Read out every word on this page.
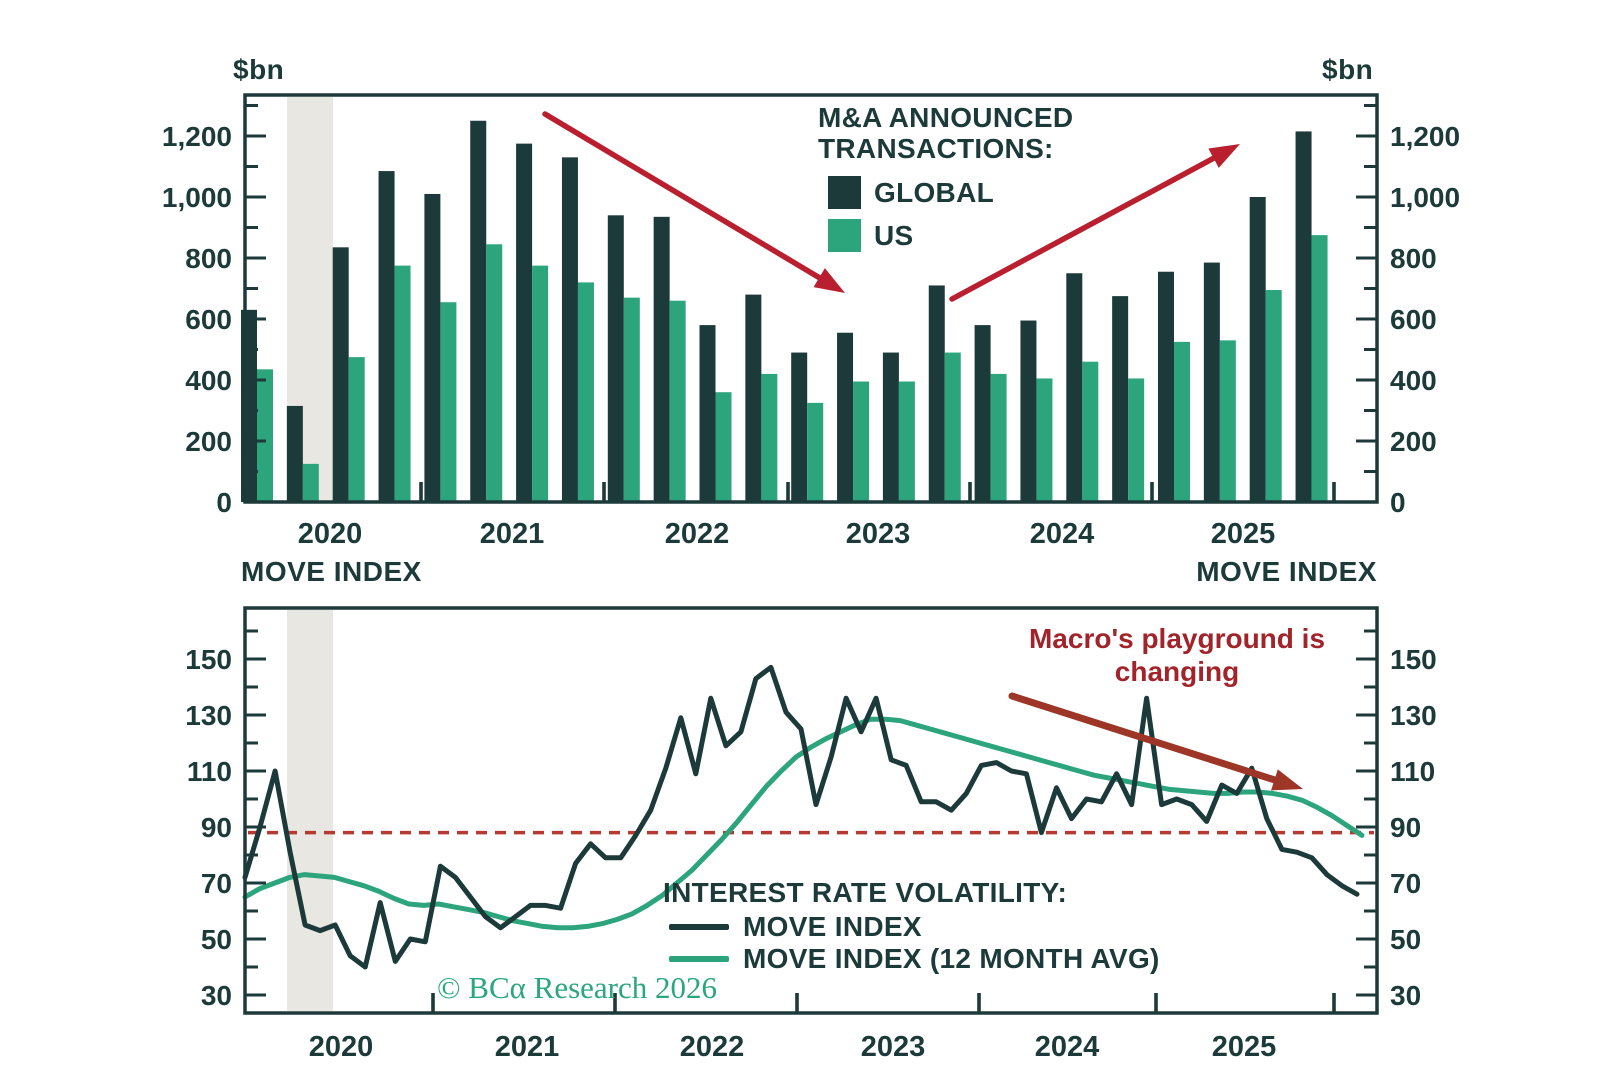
0	0
200	200
400	400
600	600
800	800
1,000	1,000
1,200	1,200
2020	2021	2022	2023	2024	2025
30	30
50	50
70	70
90	90
110	110
130	130
150	150
2020	2021	2022	2023	2024	2025
$bn	$bn
M&A ANNOUNCED
TRANSACTIONS:
GLOBAL
US
MOVE INDEX	MOVE INDEX
INTEREST RATE VOLATILITY:
MOVE INDEX
MOVE INDEX (12 MONTH AVG)
Macro's playground is
changing
© BCα Research 2026
